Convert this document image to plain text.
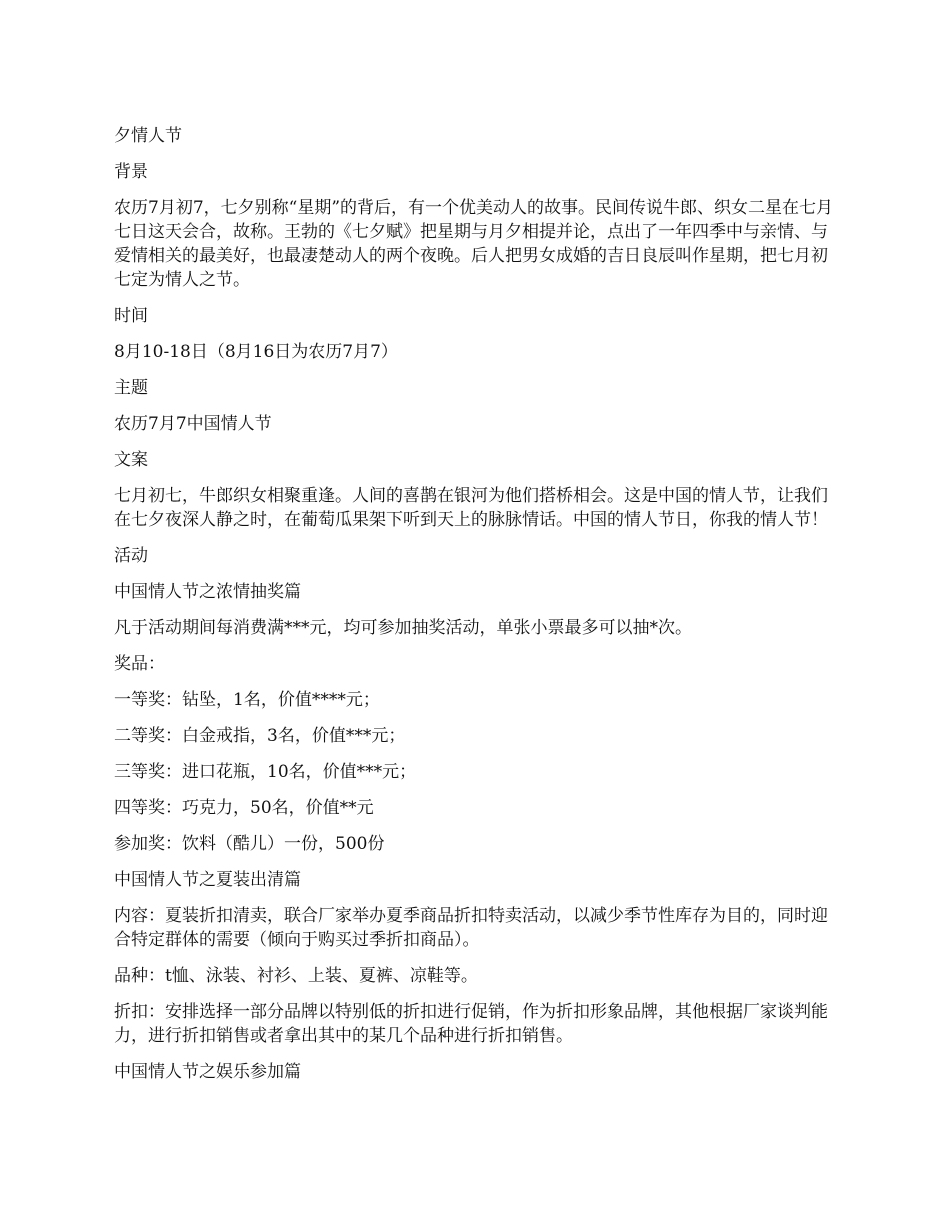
夕情人节

背景

农历7月初7，七夕别称“星期”的背后，有一个优美动人的故事。民间传说牛郎、织女二星在七月七日这天会合，故称。王勃的《七夕赋》把星期与月夕相提并论，点出了一年四季中与亲情、与爱情相关的最美好，也最凄楚动人的两个夜晚。后人把男女成婚的吉日良辰叫作星期，把七月初七定为情人之节。

时间

8月10-18日（8月16日为农历7月7）

主题

农历7月7中国情人节

文案

七月初七，牛郎织女相聚重逢。人间的喜鹊在银河为他们搭桥相会。这是中国的情人节，让我们在七夕夜深人静之时，在葡萄瓜果架下听到天上的脉脉情话。中国的情人节日，你我的情人节！

活动

中国情人节之浓情抽奖篇

凡于活动期间每消费满***元，均可参加抽奖活动，单张小票最多可以抽*次。

奖品：

一等奖：钻坠，1名，价值****元；

二等奖：白金戒指，3名，价值***元；

三等奖：进口花瓶，10名，价值***元；

四等奖：巧克力，50名，价值**元

参加奖：饮料（酷儿）一份，500份

中国情人节之夏装出清篇

内容：夏装折扣清卖，联合厂家举办夏季商品折扣特卖活动，以减少季节性库存为目的，同时迎合特定群体的需要（倾向于购买过季折扣商品）。

品种：t恤、泳装、衬衫、上装、夏裤、凉鞋等。

折扣：安排选择一部分品牌以特别低的折扣进行促销，作为折扣形象品牌，其他根据厂家谈判能力，进行折扣销售或者拿出其中的某几个品种进行折扣销售。

中国情人节之娱乐参加篇
